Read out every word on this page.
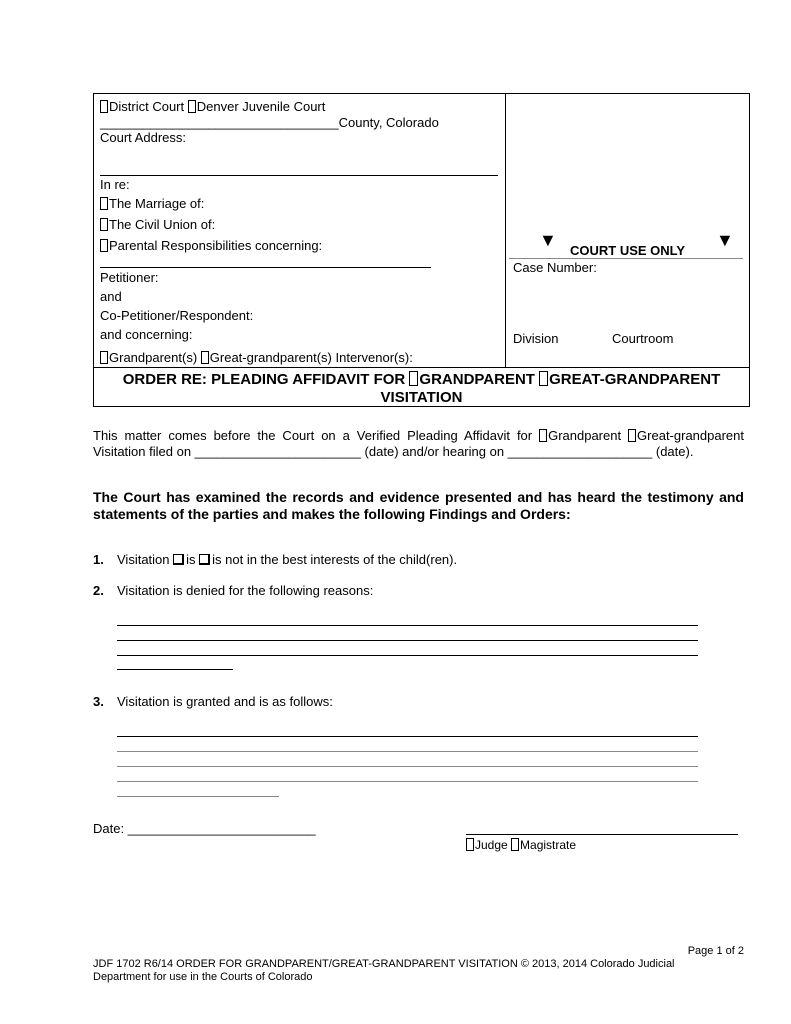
District Court Denver Juvenile Court
_________________________________County, Colorado
Court Address:
In re:
The Marriage of:
The Civil Union of:
Parental Responsibilities concerning:
Petitioner:
and
Co-Petitioner/Respondent:
and concerning:
Grandparent(s) Great-grandparent(s) Intervenor(s):
▼
COURT USE ONLY
▼
Case Number:
Division	Courtroom
ORDER RE: PLEADING AFFIDAVIT FOR GRANDPARENT GREAT-GRANDPARENT
VISITATION
This matter comes before the Court on a Verified Pleading Affidavit for Grandparent Great-grandparent
Visitation filed on _______________________ (date) and/or hearing on ____________________ (date).
The Court has examined the records and evidence presented and has heard the testimony and
statements of the parties and makes the following Findings and Orders:
1. Visitation is is not in the best interests of the child(ren).
2. Visitation is denied for the following reasons:
3. Visitation is granted and is as follows:
Date: __________________________
Judge Magistrate
Page 1 of 2
JDF 1702 R6/14 ORDER FOR GRANDPARENT/GREAT-GRANDPARENT VISITATION © 2013, 2014 Colorado Judicial
Department for use in the Courts of Colorado
